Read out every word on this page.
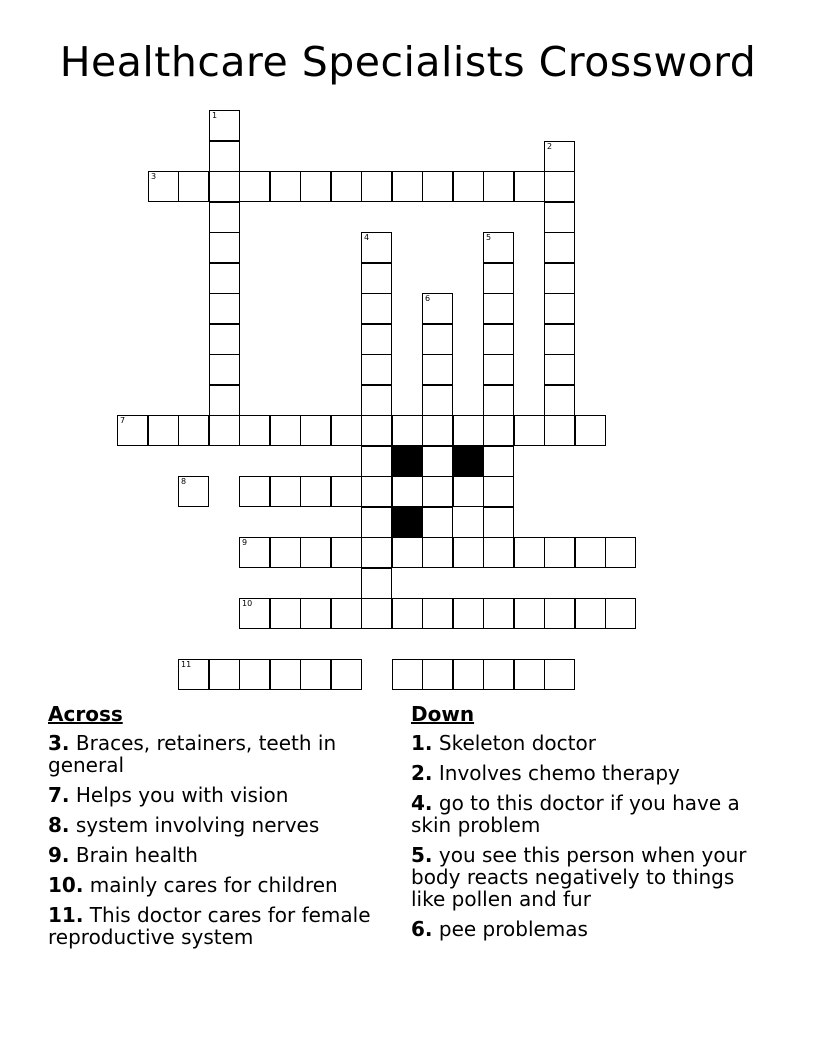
Healthcare Specialists Crossword
1
2
3
4	5
6
7
8
9
10
11
Across
3. Braces, retainers, teeth in general
7. Helps you with vision
8. system involving nerves
9. Brain health
10. mainly cares for children
11. This doctor cares for female reproductive system
Down
1. Skeleton doctor
2. Involves chemo therapy
4. go to this doctor if you have a skin problem
5. you see this person when your body reacts negatively to things like pollen and fur
6. pee problemas
